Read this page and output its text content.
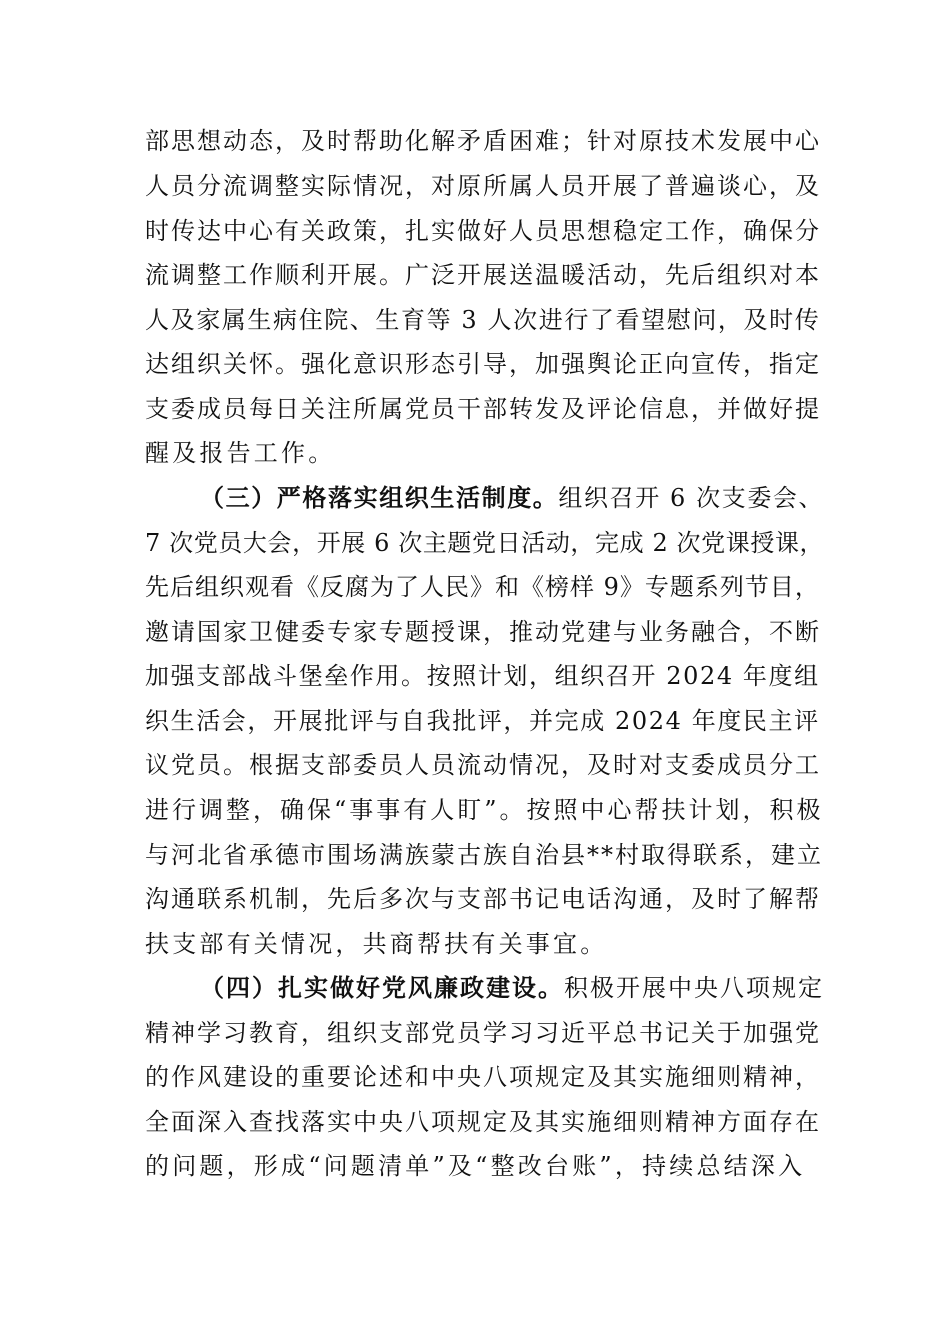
部思想动态，及时帮助化解矛盾困难；针对原技术发展中心
人员分流调整实际情况，对原所属人员开展了普遍谈心，及
时传达中心有关政策，扎实做好人员思想稳定工作，确保分
流调整工作顺利开展。广泛开展送温暖活动，先后组织对本
人及家属生病住院、生育等 3 人次进行了看望慰问，及时传
达组织关怀。强化意识形态引导，加强舆论正向宣传，指定
支委成员每日关注所属党员干部转发及评论信息，并做好提
醒及报告工作。
（三）严格落实组织生活制度。组织召开 6 次支委会、
7 次党员大会，开展 6 次主题党日活动，完成 2 次党课授课，
先后组织观看《反腐为了人民》和《榜样 9》专题系列节目，
邀请国家卫健委专家专题授课，推动党建与业务融合，不断
加强支部战斗堡垒作用。按照计划，组织召开 2024 年度组
织生活会，开展批评与自我批评，并完成 2024 年度民主评
议党员。根据支部委员人员流动情况，及时对支委成员分工
进行调整，确保“事事有人盯”。按照中心帮扶计划，积极
与河北省承德市围场满族蒙古族自治县**村取得联系，建立
沟通联系机制，先后多次与支部书记电话沟通，及时了解帮
扶支部有关情况，共商帮扶有关事宜。
（四）扎实做好党风廉政建设。积极开展中央八项规定
精神学习教育，组织支部党员学习习近平总书记关于加强党
的作风建设的重要论述和中央八项规定及其实施细则精神，
全面深入查找落实中央八项规定及其实施细则精神方面存在
的问题，形成“问题清单”及“整改台账”，持续总结深入
